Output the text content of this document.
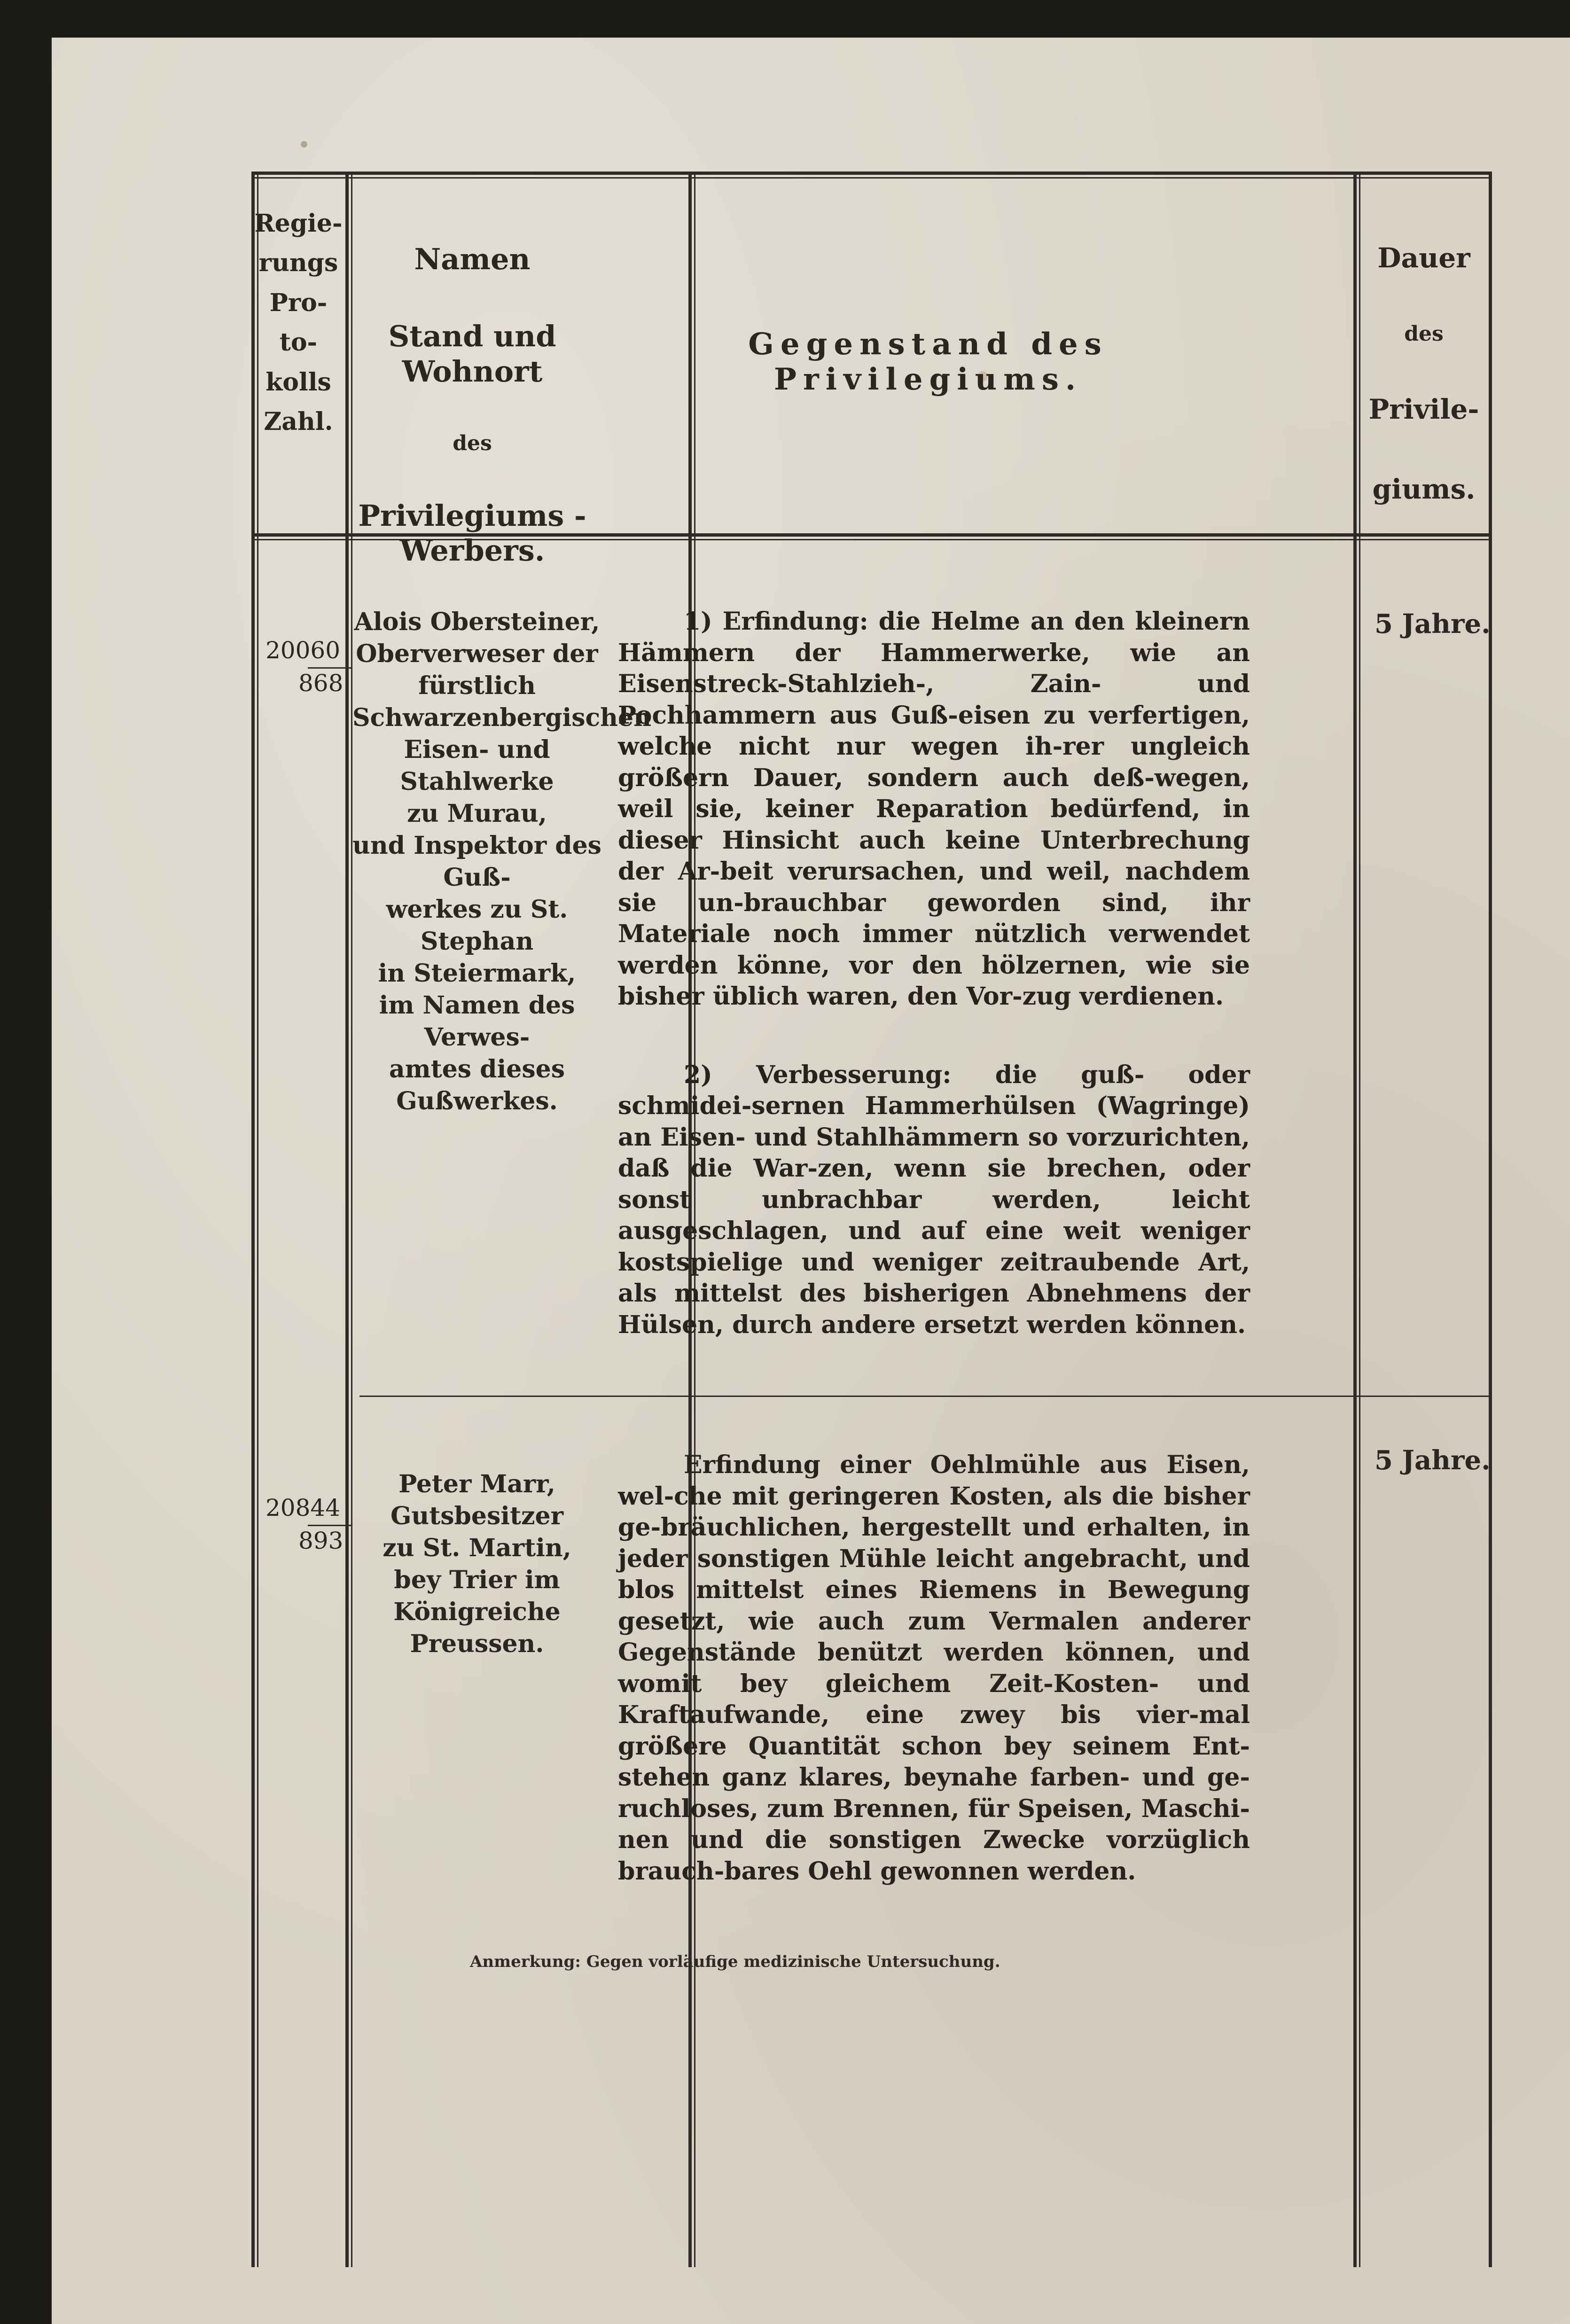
Regie-
rungs
Pro-
to-
kolls
Zahl.
Namen
Stand und Wohnort
des
Privilegiums - Werbers.
Gegenstand des Privilegiums.
Dauer
des
Privile-
giums.
20060
868
Alois Obersteiner,
Oberverweser der fürstlich
Schwarzenbergischen
Eisen- und Stahlwerke
zu Murau,
und Inspektor des Guß-
werkes zu St. Stephan
in Steiermark,
im Namen des Verwes-
amtes dieses Gußwerkes.

1) Erfindung: die Helme an den kleinern Hämmern der Hammerwerke, wie an Eisenstreck-Stahlzieh-, Zain- und Pochhammern aus Guß-eisen zu verfertigen, welche nicht nur wegen ih-rer ungleich größern Dauer, sondern auch deß-wegen, weil sie, keiner Reparation bedürfend, in dieser Hinsicht auch keine Unterbrechung der Ar-beit verursachen, und weil, nachdem sie un-brauchbar geworden sind, ihr Materiale noch immer nützlich verwendet werden könne, vor den hölzernen, wie sie bisher üblich waren, den Vor-zug verdienen.

2) Verbesserung: die guß- oder schmidei-sernen Hammerhülsen (Wagringe) an Eisen- und Stahlhämmern so vorzurichten, daß die War-zen, wenn sie brechen, oder sonst unbrachbar werden, leicht ausgeschlagen, und auf eine weit weniger kostspielige und weniger zeitraubende Art, als mittelst des bisherigen Abnehmens der Hülsen, durch andere ersetzt werden können.

5 Jahre.
20844
893
Peter Marr,
Gutsbesitzer
zu St. Martin,
bey Trier im Königreiche
Preussen.

Erfindung einer Oehlmühle aus Eisen, wel-che mit geringeren Kosten, als die bisher ge-bräuchlichen, hergestellt und erhalten, in jeder sonstigen Mühle leicht angebracht, und blos mittelst eines Riemens in Bewegung gesetzt, wie auch zum Vermalen anderer Gegenstände benützt werden können, und womit bey gleichem Zeit-Kosten- und Kraftaufwande, eine zwey bis vier-mal größere Quantität schon bey seinem Ent-stehen ganz klares, beynahe farben- und ge-ruchloses, zum Brennen, für Speisen, Maschi-nen und die sonstigen Zwecke vorzüglich brauch-bares Oehl gewonnen werden.

5 Jahre.
Anmerkung: Gegen vorläufige medizinische Untersuchung.
